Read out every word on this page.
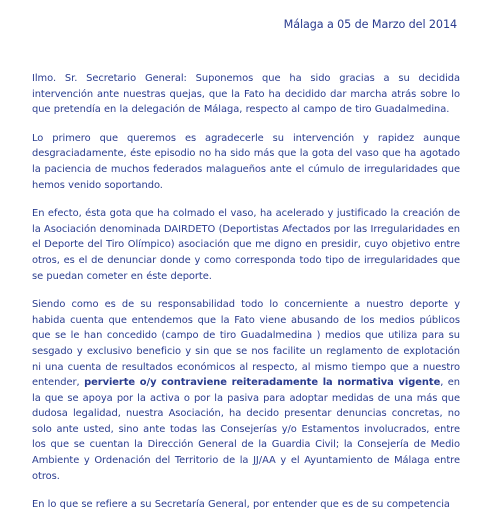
Málaga a 05 de Marzo del 2014

Ilmo. Sr. Secretario General: Suponemos que ha sido gracias a su decidida intervención ante nuestras quejas, que la Fato ha decidido dar marcha atrás sobre lo que pretendía en la delegación de Málaga, respecto al campo de tiro Guadalmedina.

Lo primero que queremos es agradecerle su intervención y rapidez aunque desgraciadamente, éste episodio no ha sido más que la gota del vaso que ha agotado la paciencia de muchos federados malagueños ante el cúmulo de irregularidades que hemos venido soportando.

En efecto, ésta gota que ha colmado el vaso, ha acelerado y justificado la creación de la Asociación denominada DAIRDETO (Deportistas Afectados por las Irregularidades en el Deporte del Tiro Olímpico) asociación que me digno en presidir, cuyo objetivo entre otros, es el de denunciar donde y como corresponda todo tipo de irregularidades que se puedan cometer en éste deporte.

Siendo como es de su responsabilidad todo lo concerniente a nuestro deporte y habida cuenta que entendemos que la Fato viene abusando de los medios públicos que se le han concedido (campo de tiro Guadalmedina ) medios que utiliza para su sesgado y exclusivo beneficio y sin que se nos facilite un reglamento de explotación ni una cuenta de resultados económicos al respecto, al mismo tiempo que a nuestro entender, pervierte o/y contraviene reiteradamente la normativa vigente, en la que se apoya por la activa o por la pasiva para adoptar medidas de una más que dudosa legalidad, nuestra Asociación, ha decido presentar denuncias concretas, no solo ante usted, sino ante todas las Consejerías y/o Estamentos involucrados, entre los que se cuentan la Dirección General de la Guardia Civil; la Consejería de Medio Ambiente y Ordenación del Territorio de la JJ/AA y el Ayuntamiento de Málaga entre otros.

En lo que se refiere a su Secretaría General, por entender que es de su competencia
